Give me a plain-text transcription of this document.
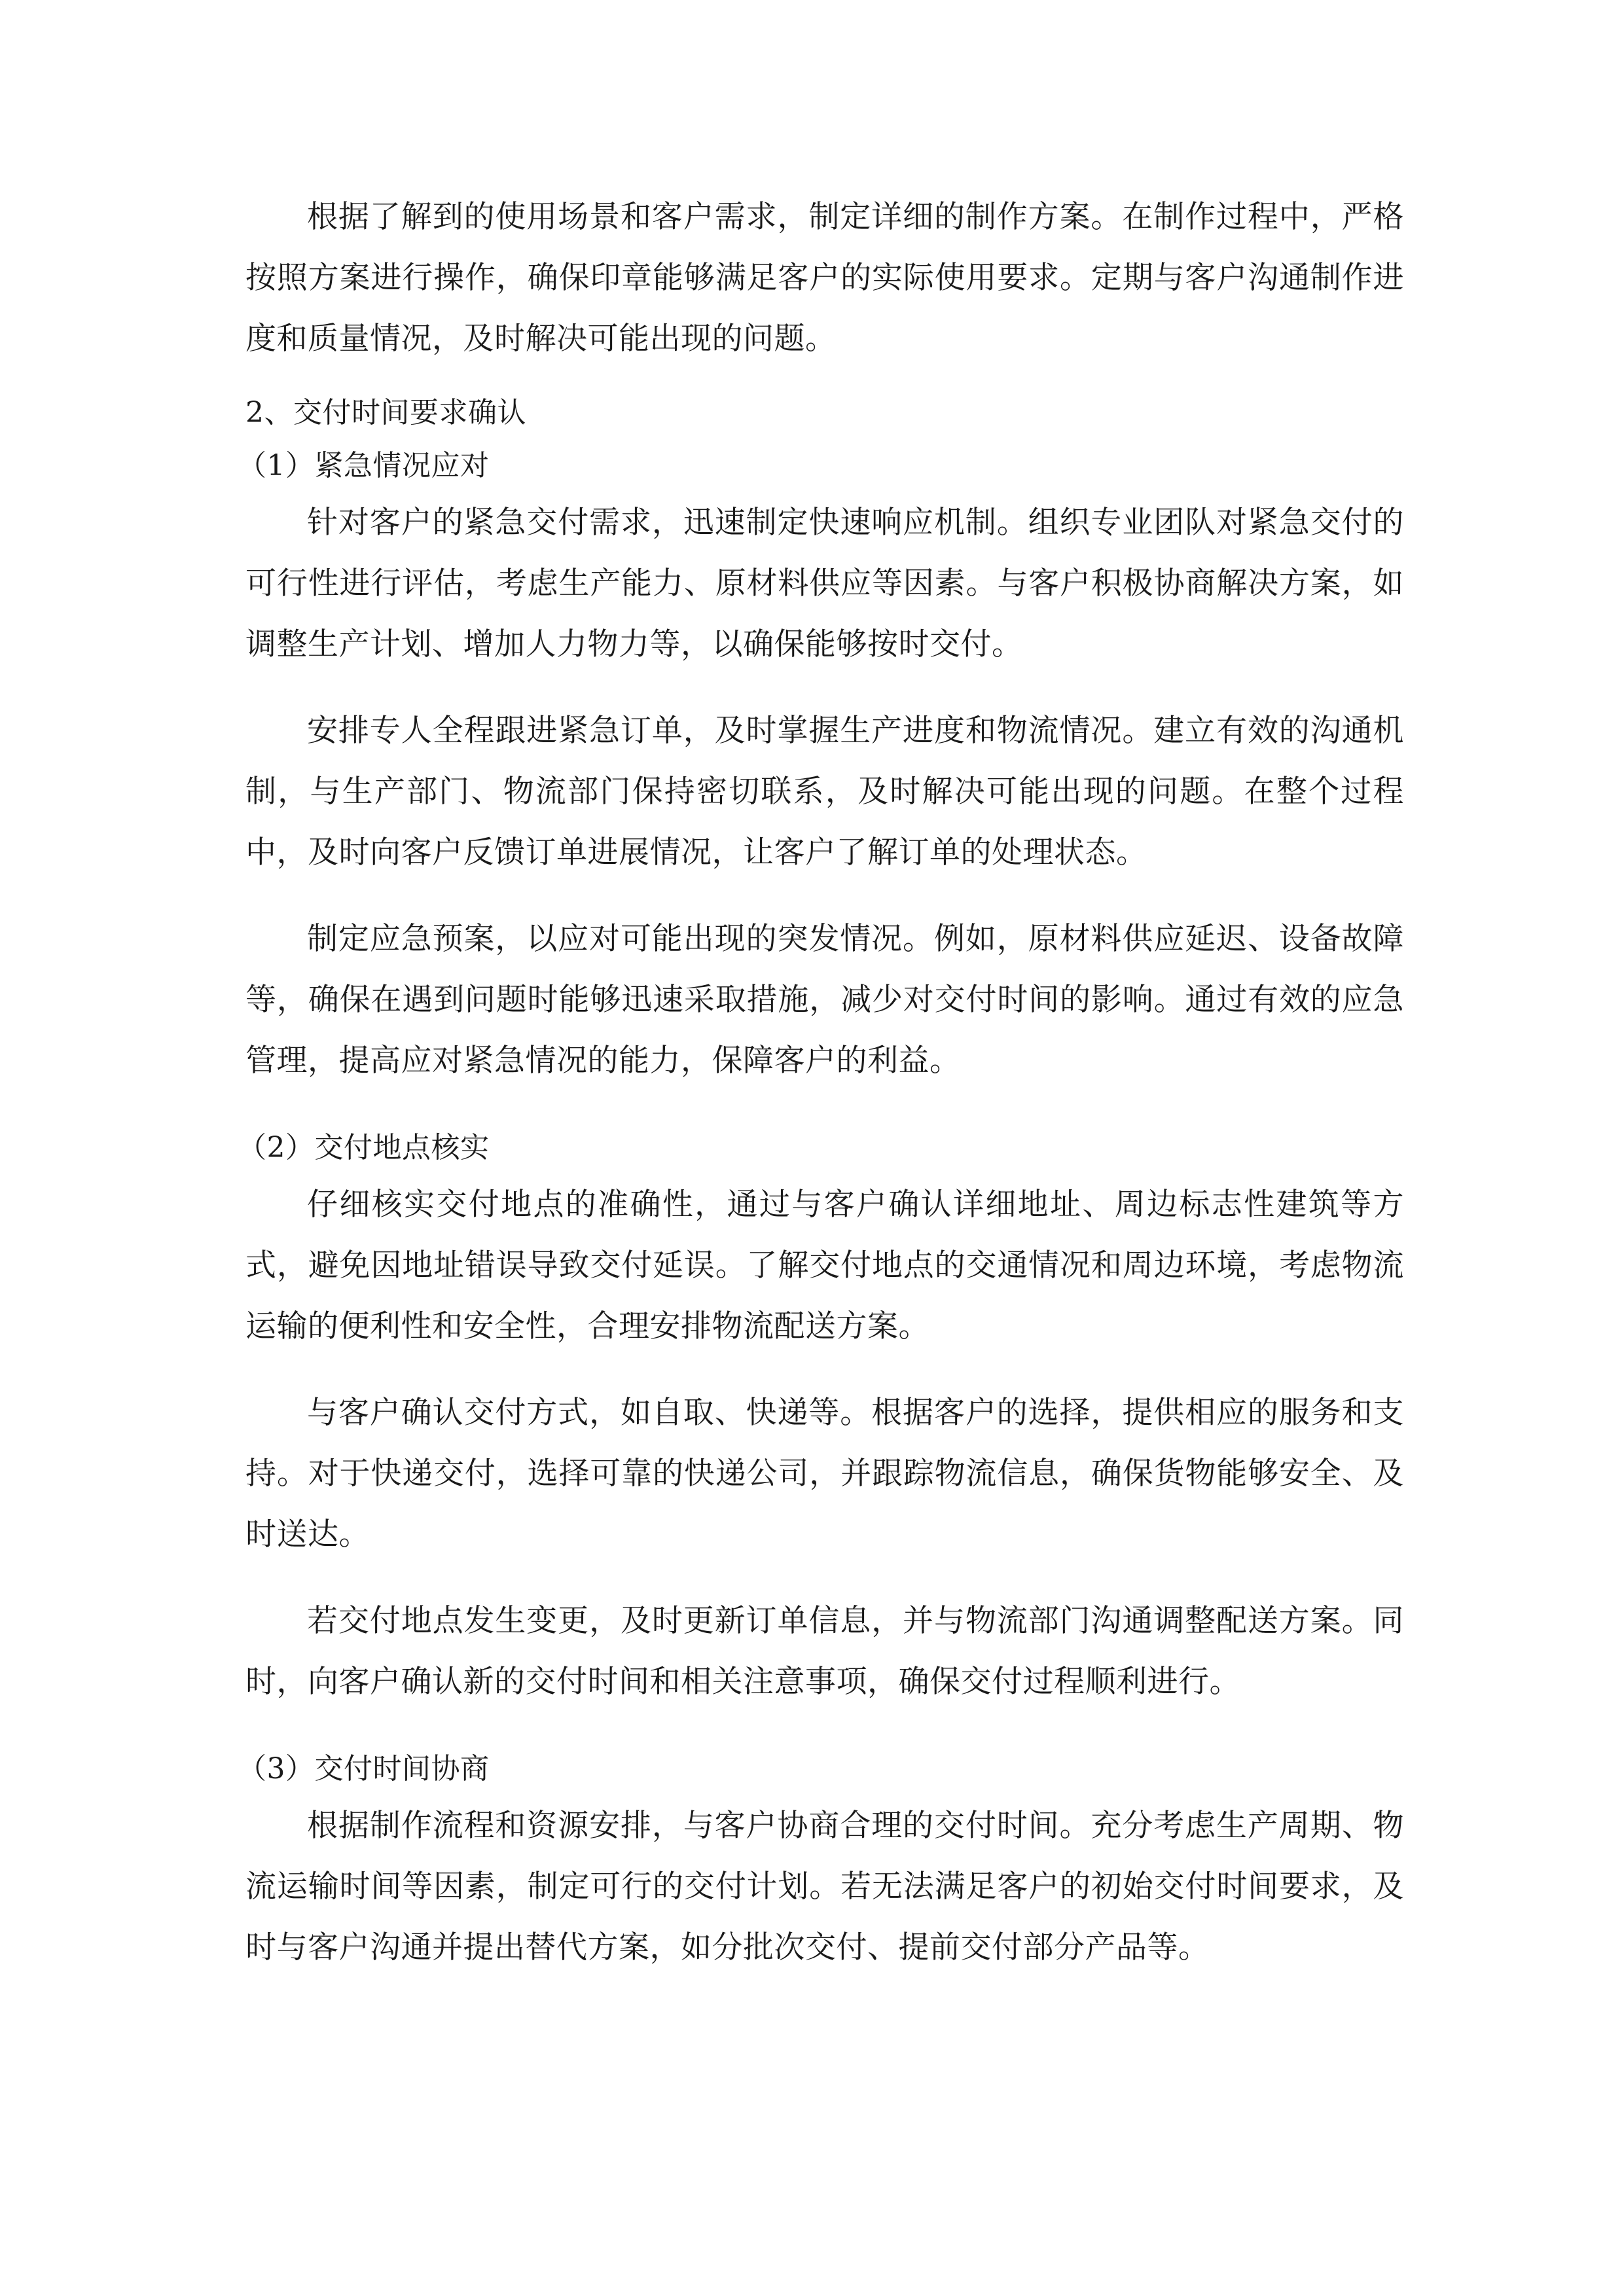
根据了解到的使用场景和客户需求，制定详细的制作方案。在制作过程中，严格按照方案进行操作，确保印章能够满足客户的实际使用要求。定期与客户沟通制作进度和质量情况，及时解决可能出现的问题。

2、交付时间要求确认

（1）紧急情况应对

针对客户的紧急交付需求，迅速制定快速响应机制。组织专业团队对紧急交付的可行性进行评估，考虑生产能力、原材料供应等因素。与客户积极协商解决方案，如调整生产计划、增加人力物力等，以确保能够按时交付。

安排专人全程跟进紧急订单，及时掌握生产进度和物流情况。建立有效的沟通机制，与生产部门、物流部门保持密切联系，及时解决可能出现的问题。在整个过程中，及时向客户反馈订单进展情况，让客户了解订单的处理状态。

制定应急预案，以应对可能出现的突发情况。例如，原材料供应延迟、设备故障等，确保在遇到问题时能够迅速采取措施，减少对交付时间的影响。通过有效的应急管理，提高应对紧急情况的能力，保障客户的利益。

（2）交付地点核实

仔细核实交付地点的准确性，通过与客户确认详细地址、周边标志性建筑等方式，避免因地址错误导致交付延误。了解交付地点的交通情况和周边环境，考虑物流运输的便利性和安全性，合理安排物流配送方案。

与客户确认交付方式，如自取、快递等。根据客户的选择，提供相应的服务和支持。对于快递交付，选择可靠的快递公司，并跟踪物流信息，确保货物能够安全、及时送达。

若交付地点发生变更，及时更新订单信息，并与物流部门沟通调整配送方案。同时，向客户确认新的交付时间和相关注意事项，确保交付过程顺利进行。

（3）交付时间协商

根据制作流程和资源安排，与客户协商合理的交付时间。充分考虑生产周期、物流运输时间等因素，制定可行的交付计划。若无法满足客户的初始交付时间要求，及时与客户沟通并提出替代方案，如分批次交付、提前交付部分产品等。
